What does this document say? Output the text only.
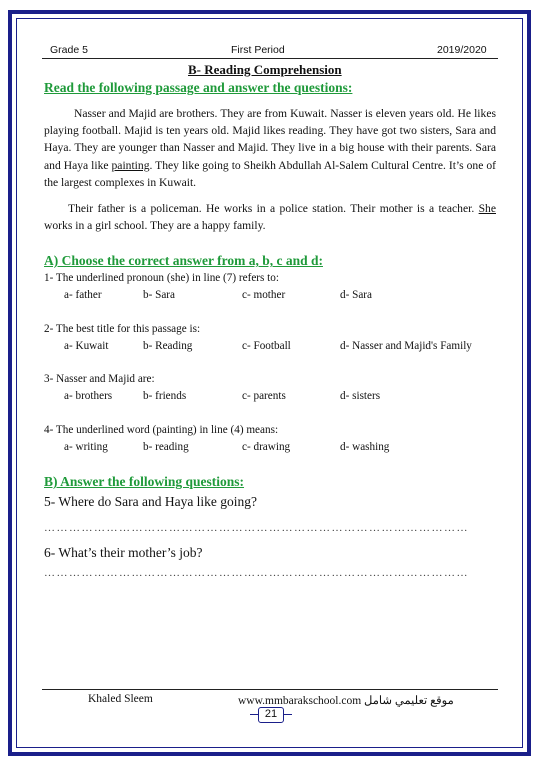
Grade 5	First Period	2019/2020
B- Reading Comprehension
Read the following passage and answer the questions:
Nasser and Majid are brothers. They are from Kuwait. Nasser is eleven years old. He likes playing football. Majid is ten years old. Majid likes reading. They have got two sisters, Sara and Haya. They are younger than Nasser and Majid. They live in a big house with their parents. Sara and Haya like painting. They like going to Sheikh Abdullah Al-Salem Cultural Centre. It’s one of the largest complexes in Kuwait.
Their father is a policeman. He works in a police station. Their mother is a teacher. She works in a girl school. They are a happy family.
A) Choose the correct answer from a, b, c and d:
1- The underlined pronoun (she) in line (7) refers to:
a- father	b- Sara	c- mother	d- Sara
2- The best title for this passage is:
a- Kuwait	b- Reading	c- Football	d- Nasser and Majid's Family
3- Nasser and Majid are:
a- brothers	b- friends	c- parents	d- sisters
4- The underlined word (painting) in line (4) means:
a- writing	b- reading	c- drawing	d- washing
B) Answer the following questions:
5- Where do Sara and Haya like going?
…………………………………………………………………………………………
6- What’s their mother’s job?
…………………………………………………………………………………………
Khaled Sleem	www.mmbarakschool.com موقع تعليمي شامل
21
